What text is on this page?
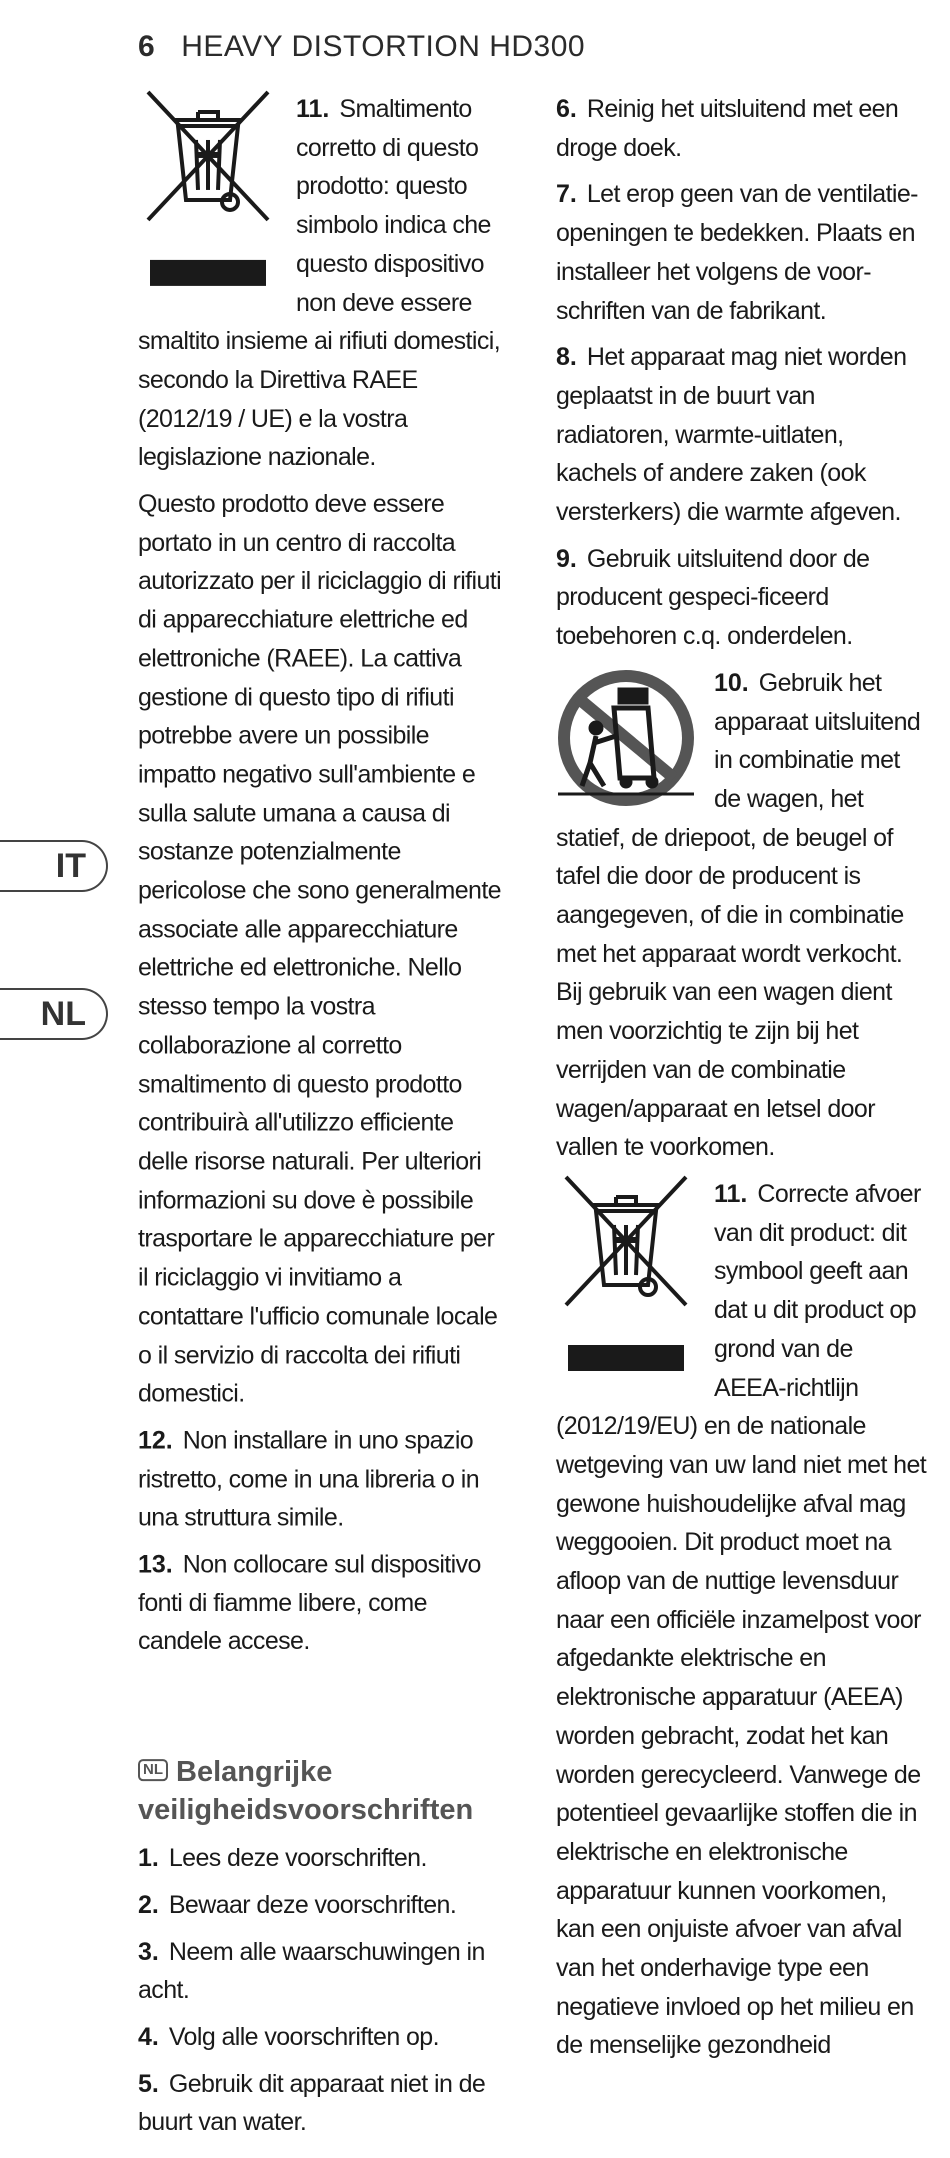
6 HEAVY DISTORTION HD300
IT
NL
11. Smaltimento corretto di questo prodotto: questo simbolo indica che questo dispositivo non deve essere smaltito insieme ai rifiuti domestici, secondo la Direttiva RAEE (2012/19 / UE) e la vostra legislazione nazionale.
Questo prodotto deve essere portato in un centro di raccolta autorizzato per il riciclaggio di rifiuti di apparecchiature elettriche ed elettroniche (RAEE). La cattiva gestione di questo tipo di rifiuti potrebbe avere un possibile impatto negativo sull'ambiente e sulla salute umana a causa di sostanze potenzialmente pericolose che sono generalmente associate alle apparecchiature elettriche ed elettroniche. Nello stesso tempo la vostra collaborazione al corretto smaltimento di questo prodotto contribuirà all'utilizzo efficiente delle risorse naturali. Per ulteriori informazioni su dove è possibile trasportare le apparecchiature per il riciclaggio vi invitiamo a contattare l'ufficio comunale locale o il servizio di raccolta dei rifiuti domestici.
12. Non installare in uno spazio ristretto, come in una libreria o in una struttura simile.
13. Non collocare sul dispositivo fonti di fiamme libere, come candele accese.
NL Belangrijke veiligheidsvoorschriften
1. Lees deze voorschriften.
2. Bewaar deze voorschriften.
3. Neem alle waarschuwingen in acht.
4. Volg alle voorschriften op.
5. Gebruik dit apparaat niet in de buurt van water.
6. Reinig het uitsluitend met een droge doek.
7. Let erop geen van de ventilatie-openingen te bedekken. Plaats en installeer het volgens de voor-schriften van de fabrikant.
8. Het apparaat mag niet worden geplaatst in de buurt van radiatoren, warmte-uitlaten, kachels of andere zaken (ook versterkers) die warmte afgeven.
9. Gebruik uitsluitend door de producent gespeci-ficeerd toebehoren c.q. onderdelen.
10. Gebruik het apparaat uitsluitend in combinatie met de wagen, het statief, de driepoot, de beugel of tafel die door de producent is aangegeven, of die in combinatie met het apparaat wordt verkocht. Bij gebruik van een wagen dient men voorzichtig te zijn bij het verrijden van de combinatie wagen/apparaat en letsel door vallen te voorkomen.
11. Correcte afvoer van dit product: dit symbool geeft aan dat u dit product op grond van de AEEA-richtlijn (2012/19/EU) en de nationale wetgeving van uw land niet met het gewone huishoudelijke afval mag weggooien. Dit product moet na afloop van de nuttige levensduur naar een officiële inzamelpost voor afgedankte elektrische en elektronische apparatuur (AEEA) worden gebracht, zodat het kan worden gerecycleerd. Vanwege de potentieel gevaarlijke stoffen die in elektrische en elektronische apparatuur kunnen voorkomen, kan een onjuiste afvoer van afval van het onderhavige type een negatieve invloed op het milieu en de menselijke gezondheid
